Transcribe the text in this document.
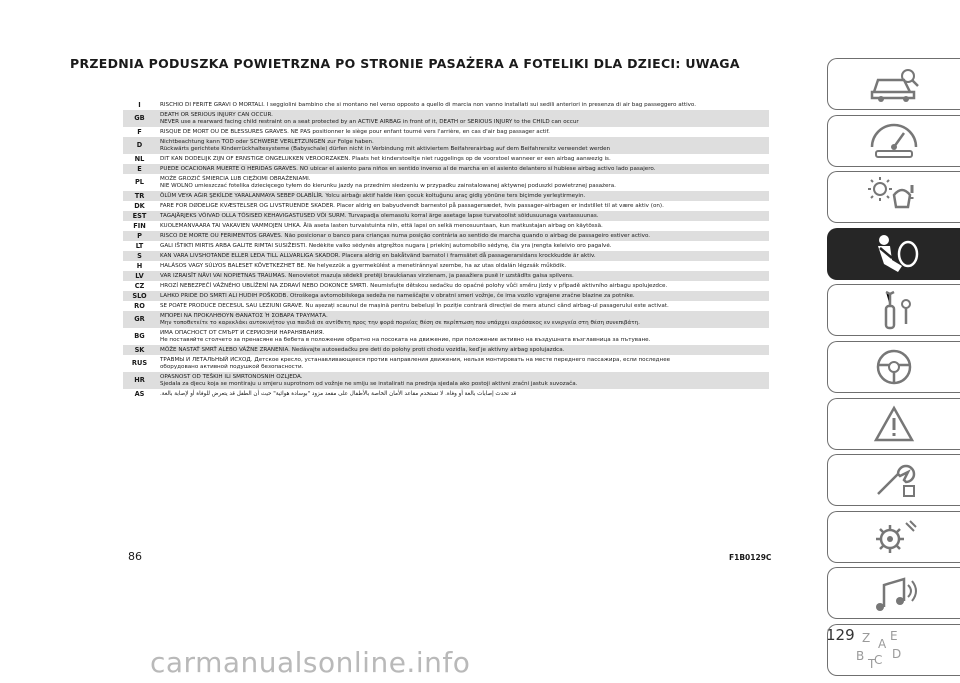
PRZEDNIA PODUSZKA POWIETRZNA PO STRONIE PASAŻERA A FOTELIKI DLA DZIECI: UWAGA
I	RISCHIO DI FERITE GRAVI O MORTALI. I seggiolini bambino che si montano nel verso opposto a quello di marcia non vanno installati sui sedili anteriori in presenza di air bag passeggero attivo.
GB	DEATH OR SERIOUS INJURY CAN OCCUR.
NEVER use a rearward facing child restraint on a seat protected by an ACTIVE AIRBAG in front of it, DEATH or SERIOUS INJURY to the CHILD can occur
F	RISQUE DE MORT OU DE BLESSURES GRAVES. NE PAS positionner le siège pour enfant tourné vers l'arrière, en cas d'air bag passager actif.
D	Nichtbeachtung kann TOD oder SCHWERE VERLETZUNGEN zur Folge haben.
Rückwärts gerichtete Kinderrückhaltesysteme (Babyschale) dürfen nicht in Verbindung mit aktiviertem Beifahrerairbag auf dem Beifahrersitz verwendet werden
NL	DIT KAN DODELIJK ZIJN OF ERNSTIGE ONGELUKKEN VEROORZAKEN. Plaats het kinderstoeltje niet ruggelings op de voorstoel wanneer er een airbag aanwezig is.
E	PUEDE OCACIONAR MUERTE O HERIDAS GRAVES. NO ubicar el asiento para niños en sentido inverso al de marcha en el asiento delantero si hubiese airbag activo lado pasajero.
PL	MOŻE GROZIĆ ŚMIERCIA LUB CIĘŻKIMI OBRAŻENIAMI.
NIE WOLNO umieszczać fotelika dziecięcego tyłem do kierunku jazdy na przednim siedzeniu w przypadku zainstalowanej aktywnej poduszki powietrznej pasażera.
TR	ÖLÜM VEYA AĞIR ŞEKİLDE YARALANMAYA SEBEP OLABİLİR. Yolcu airbağı aktif halde iken çocuk koltuğunu araç gidiş yönüne ters biçimde yerleştirmeyin.
DK	FARE FOR DØDELIGE KVÆSTELSER OG LIVSTRUENDE SKADER. Placer aldrig en babyudvendt barnestol på passagersædet, hvis passager-airbagen er indstillet til at være aktiv (on).
EST	TAGAJÄRJEKS VÕIVAD OLLA TÕSISED KEHAVIGASTUSED VÕI SURM. Turvapadja olemasolu korral ärge asetage lapse turvatoolist sõidusuunaga vastassuunas.
FIN	KUOLEMANVAARA TAI VAKAVIEN VAMMOJEN UHKA. Älä aseta lasten turvaistuinta niin, että lapsi on selkä menosuuntaan, kun matkustajan airbag on käytössä.
P	RISCO DE MORTE OU FERIMENTOS GRAVES. Não posicionar o banco para crianças numa posição contrária ao sentido de marcha quando o airbag de passageiro estiver activo.
LT	GALI IŠTIKTI MIRTIS ARBA GALITE RIMTAI SUSIŽEISTI. Nedėkite vaiko sėdynės atgręžtos nugara į priekinį automobilio sėdynę, čia yra įrengta keleivio oro pagalvė.
S	KAN VARA LIVSHOTANDE ELLER LEDA TILL ALLVARLIGA SKADOR. Placera aldrig en bakåtvänd barnstol i framsätet då passagerarsidans krockkudde är aktiv.
H	HALÁSOS VAGY SÚLYOS BALESET KÖVETKEZHET BE. Ne helyezzük a gyermekülést a menetiránnyal szembe, ha az utas oldalán légzsák működik.
LV	VAR IZRAISĪT NĀVI VAI NOPIETNAS TRAUMAS. Nenovietot mazuļa sēdekli pretēji braukšanas virzienam, ja pasažiera pusē ir uzstādīts gaisa spilvens.
CZ	HROZÍ NEBEZPEČÍ VÁŽNÉHO UBLÍŽENÍ NA ZDRAVÍ NEBO DOKONCE SMRTI. Neumisťujte dětskou sedačku do opačné polohy vůči směru jízdy v případě aktivního airbagu spolujezdce.
SLO	LAHKO PRIDE DO SMRTI ALI HUDIH POŠKODB. Otroškega avtomobilskega sedeža ne nameščajte v obratni smeri vožnje, če ima vozilo vgrajene zračne blazine za potnike.
RO	SE POATE PRODUCE DECESUL SAU LEZIUNI GRAVE. Nu așezați scaunul de mașină pentru bebeluși în poziție contrară direcției de mers atunci când airbag-ul pasagerului este activat.
GR	ΜΠΟΡΕΙ ΝΑ ΠΡΟΚΛΗΘΟΥΝ ΘΑΝΑΤΟΣ Ή ΣΟΒΑΡΑ ΤΡΑΥΜΑΤΑ.
Μην τοποθετείτε το καρεκλάκι αυτοκινήτου για παιδιά σε αντίθετη προς την φορά πορείας θέση σε περίπτωση που υπάρχει αερόσακος εν ενεργεία στη θέση συνεπιβάτη.
BG	ИМА ОПАСНОСТ ОТ СМЪРТ И СЕРИОЗНИ НАРАНЯВАНИЯ.
Не поставяйте столчето за пренасяне на бебета в положение обратно на посоката на движение, при положение активно на въздушната възглавница за пътуване.
SK	MÔŽE NASTAŤ SMRŤ ALEBO VÁŽNE ZRANENIA. Nedávajte autosedačku pre deti do polohy proti chodu vozidla, keď je aktívny airbag spolujazdca.
RUS	ТРАВМЫ И ЛЕТАЛЬНЫЙ ИСХОД. Детское кресло, устанавливающееся против направления движения, нельзя монтировать на месте переднего пассажира, если последнее
оборудовано активной подушкой безопасности.
HR	OPASNOST OD TEŠKIH ILI SMRTONOSNIH OZLJEDA.
Sjedala za djecu koja se montiraju u smjeru suprotnom od vožnje ne smiju se instalirati na prednja sjedala ako postoji aktivni zračni jastuk suvozača.
AS	قد تحدث إصابات بالغة أو وفاة. لا تستخدم مقاعد الأمان الخاصة بالأطفال على مقعد مزود "بوسادة هوائية" حيث أن الطفل قد يتعرض للوفاة أو لإصابة بالغة.
86	F1B0129C
129
carmanualsonline.info
Z E
B C D
A
T
